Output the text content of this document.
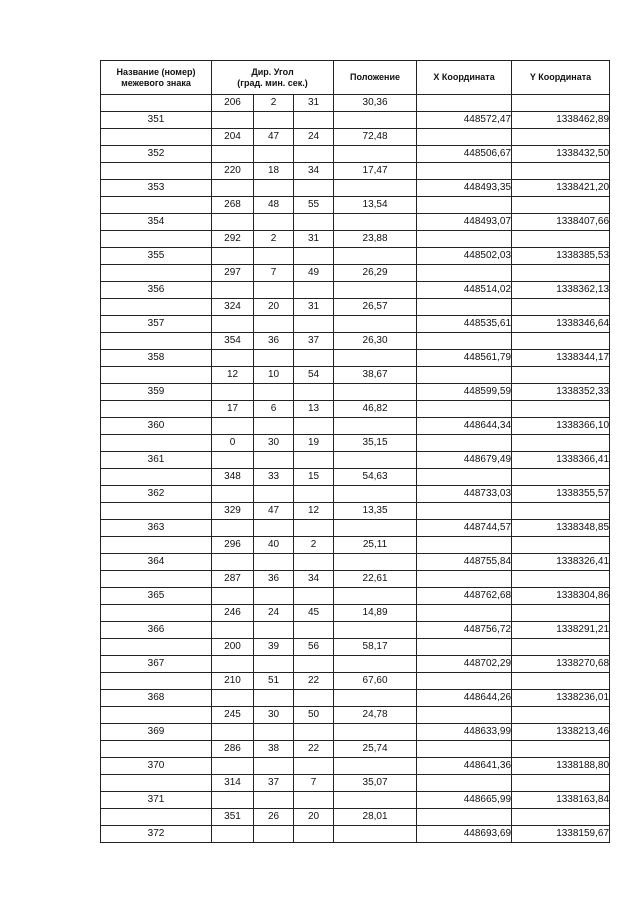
Название (номер)
межевого знака	Дир. Угол
(град. мин. сек.)			Положение	X Координата	Y Координата
	206	2	31	30,36		
351					448572,47	1338462,89
	204	47	24	72,48		
352					448506,67	1338432,50
	220	18	34	17,47		
353					448493,35	1338421,20
	268	48	55	13,54		
354					448493,07	1338407,66
	292	2	31	23,88		
355					448502,03	1338385,53
	297	7	49	26,29		
356					448514,02	1338362,13
	324	20	31	26,57		
357					448535,61	1338346,64
	354	36	37	26,30		
358					448561,79	1338344,17
	12	10	54	38,67		
359					448599,59	1338352,33
	17	6	13	46,82		
360					448644,34	1338366,10
	0	30	19	35,15		
361					448679,49	1338366,41
	348	33	15	54,63		
362					448733,03	1338355,57
	329	47	12	13,35		
363					448744,57	1338348,85
	296	40	2	25,11		
364					448755,84	1338326,41
	287	36	34	22,61		
365					448762,68	1338304,86
	246	24	45	14,89		
366					448756,72	1338291,21
	200	39	56	58,17		
367					448702,29	1338270,68
	210	51	22	67,60		
368					448644,26	1338236,01
	245	30	50	24,78		
369					448633,99	1338213,46
	286	38	22	25,74		
370					448641,36	1338188,80
	314	37	7	35,07		
371					448665,99	1338163,84
	351	26	20	28,01		
372					448693,69	1338159,67
